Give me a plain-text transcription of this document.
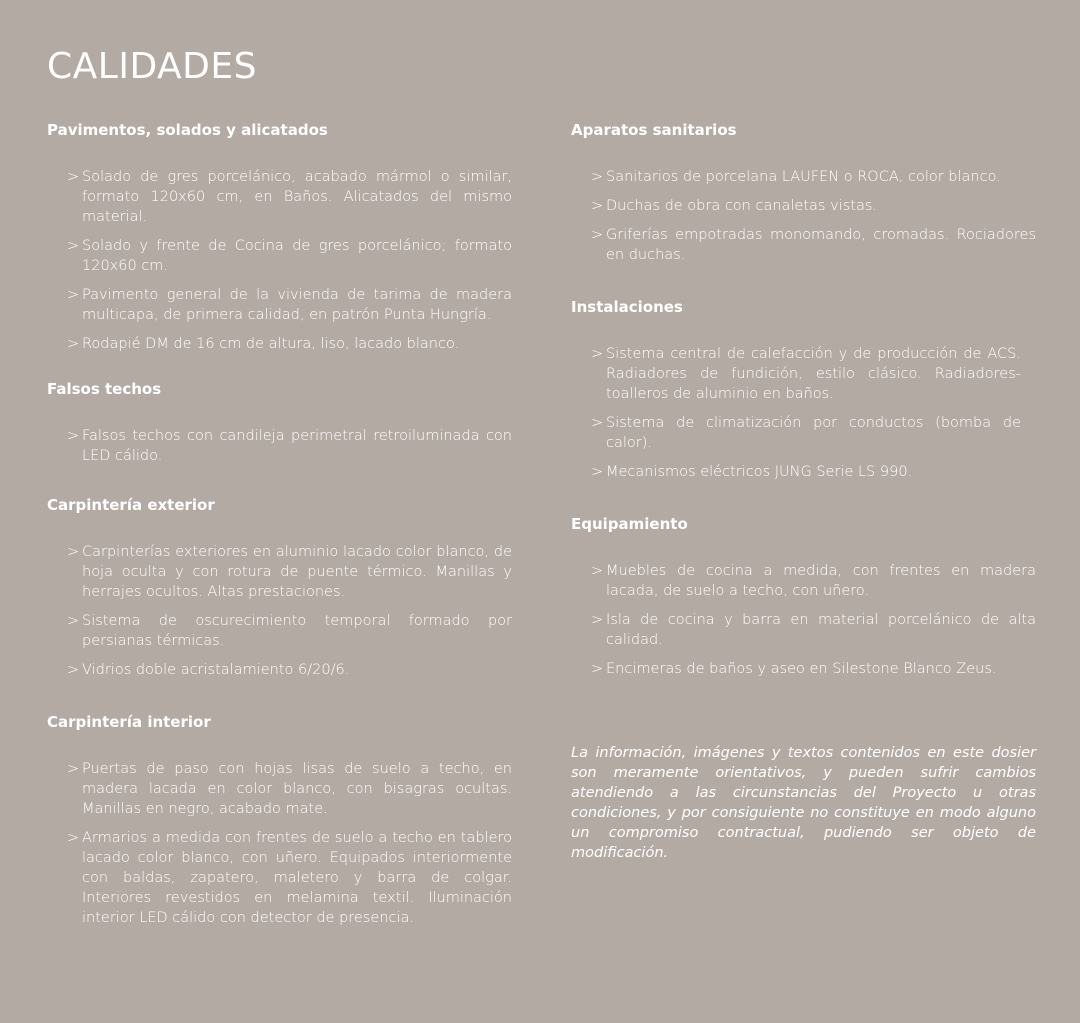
CALIDADES
Pavimentos, solados y alicatados
> Solado de gres porcelánico, acabado mármol o similar, formato 120x60 cm, en Baños. Alicatados del mismo material.
> Solado y frente de Cocina de gres porcelánico; formato 120x60 cm.
> Pavimento general de la vivienda de tarima de madera multicapa, de primera calidad, en patrón Punta Hungría.
> Rodapié DM de 16 cm de altura, liso, lacado blanco.
Falsos techos
> Falsos techos con candileja perimetral retroiluminada con LED cálido.
Carpintería exterior
> Carpinterías exteriores en aluminio lacado color blanco, de hoja oculta y con rotura de puente térmico. Manillas y herrajes ocultos. Altas prestaciones.
> Sistema de oscurecimiento temporal formado por persianas térmicas.
> Vidrios doble acristalamiento 6/20/6.
Carpintería interior
> Puertas de paso con hojas lisas de suelo a techo, en madera lacada en color blanco, con bisagras ocultas. Manillas en negro, acabado mate.
> Armarios a medida con frentes de suelo a techo en tablero lacado color blanco, con uñero. Equipados interiormente con baldas, zapatero, maletero y barra de colgar. Interiores revestidos en melamina textil. Iluminación interior LED cálido con detector de presencia.
Aparatos sanitarios
> Sanitarios de porcelana LAUFEN o ROCA, color blanco.
> Duchas de obra con canaletas vistas.
> Griferías empotradas monomando, cromadas. Rociadores en duchas.
Instalaciones
> Sistema central de calefacción y de producción de ACS. Radiadores de fundición, estilo clásico. Radiadores-toalleros de aluminio en baños.
> Sistema de climatización por conductos (bomba de calor).
> Mecanismos eléctricos JUNG Serie LS 990.
Equipamiento
> Muebles de cocina a medida, con frentes en madera lacada, de suelo a techo, con uñero.
> Isla de cocina y barra en material porcelánico de alta calidad.
> Encimeras de baños y aseo en Silestone Blanco Zeus.

La información, imágenes y textos contenidos en este dosier son meramente orientativos, y pueden sufrir cambios atendiendo a las circunstancias del Proyecto u otras condiciones, y por consiguiente no constituye en modo alguno un compromiso contractual, pudiendo ser objeto de modificación.
